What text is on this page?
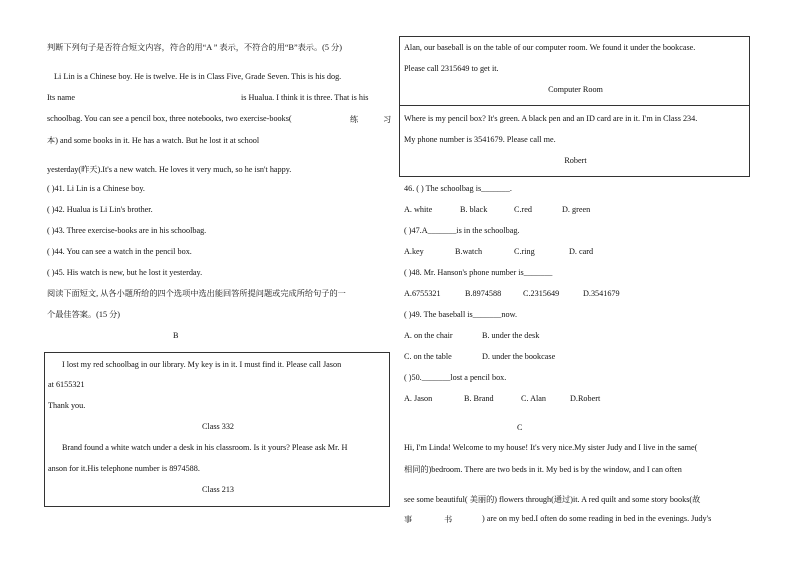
判断下列句子是否符合短文内容，符合的用“A ” 表示，不符合的用“B”表示。(5 分)
Li Lin is a Chinese boy. He is twelve. He is in Class Five, Grade Seven. This is his dog.
Its name	is Hualua. I think it is three. That is his
schoolbag. You can see a pencil box, three notebooks, two exercise-books(	练	习
本) and some books in it. He has a watch. But he lost it at school
yesterday(昨天).It's a new watch. He loves it very much, so he isn't happy.
( )41. Li Lin is a Chinese boy.
( )42. Hualua is Li Lin's brother.
( )43. Three exercise-books are in his schoolbag.
( )44. You can see a watch in the pencil box.
( )45. His watch is new, but he lost it yesterday.
阅读下面短文, 从各小题所给的四个选项中选出能回答所提问题或完成所给句子的一
个最佳答案。(15 分)
B
I lost my red schoolbag in our library. My key is in it. I must find it. Please call Jason
at 6155321
Thank you.
Class 332
Brand found a white watch under a desk in his classroom. Is it yours? Please ask Mr. H
anson for it.His telephone number is 8974588.
Class 213
Alan, our baseball is on the table of our computer room. We found it under the bookcase.
Please call 2315649 to get it.
Computer Room
Where is my pencil box? It's green. A black pen and an ID card are in it. I'm in Class 234.
My phone number is 3541679. Please call me.
Robert
46. ( ) The schoolbag is_______.
A. white	B. black	C.red	D. green
( )47.A_______is in the schoolbag.
A.key	B.watch	C.ring	D. card
( )48. Mr. Hanson's phone number is_______
A.6755321	B.8974588	C.2315649	D.3541679
( )49. The baseball is_______now.
A. on the chair	B. under the desk
C. on the table	D. under the bookcase
( )50._______lost a pencil box.
A. Jason	B. Brand	C. Alan	D.Robert
C
Hi, I'm Linda! Welcome to my house! It's very nice.My sister Judy and I live in the same(
相同的)bedroom. There are two beds in it. My bed is by the window, and I can often
see some beautiful( 美丽的) flowers through(通过)it. A red quilt and some story books(故
事	书	) are on my bed.I often do some reading in bed in the evenings. Judy's
